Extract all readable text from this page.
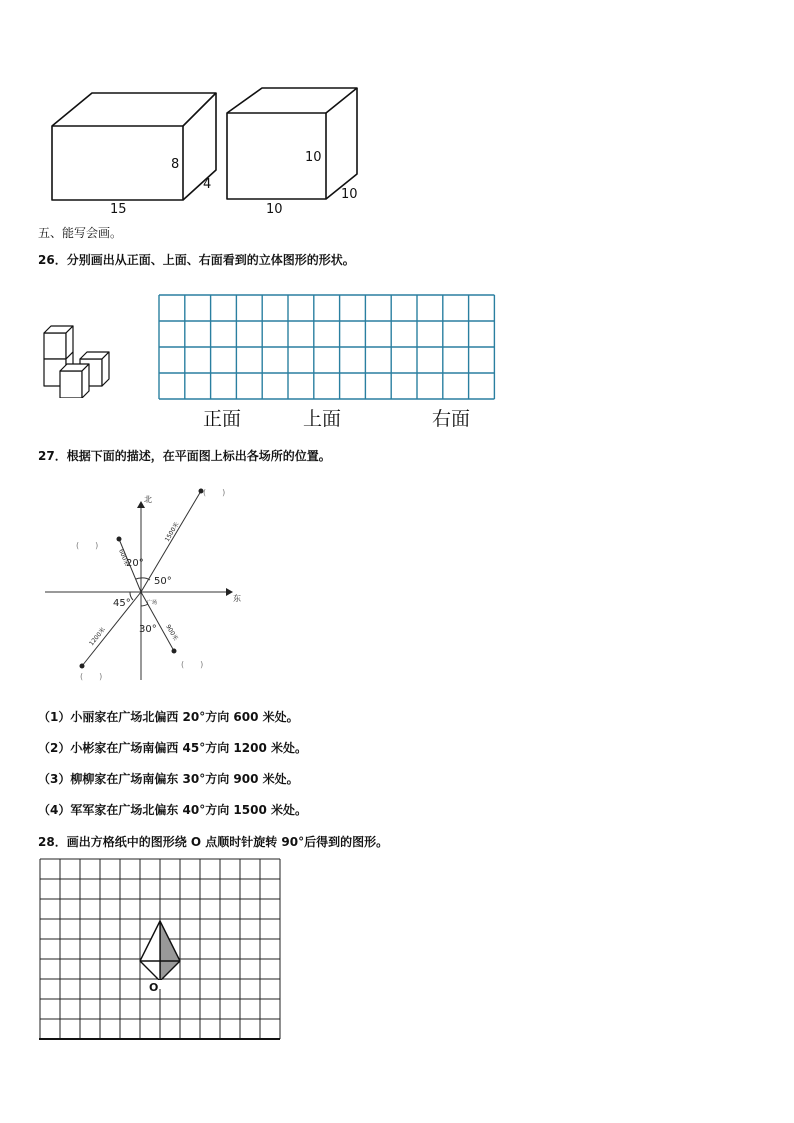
8
4
15
10
10
10
五、能写会画。
26．分别画出从正面、上面、右面看到的立体图形的形状。
正面	上面	右面
27．根据下面的描述，在平面图上标出各场所的位置。
北
东
20°
50°
45°
30°
广场
600米
1500米
1200米	900米
(　　)
(　　)
(　　)
(　　)
（1）小丽家在广场北偏西 20°方向 600 米处。
（2）小彬家在广场南偏西 45°方向 1200 米处。
（3）柳柳家在广场南偏东 30°方向 900 米处。
（4）军军家在广场北偏东 40°方向 1500 米处。
28．画出方格纸中的图形绕 O 点顺时针旋转 90°后得到的图形。
O
